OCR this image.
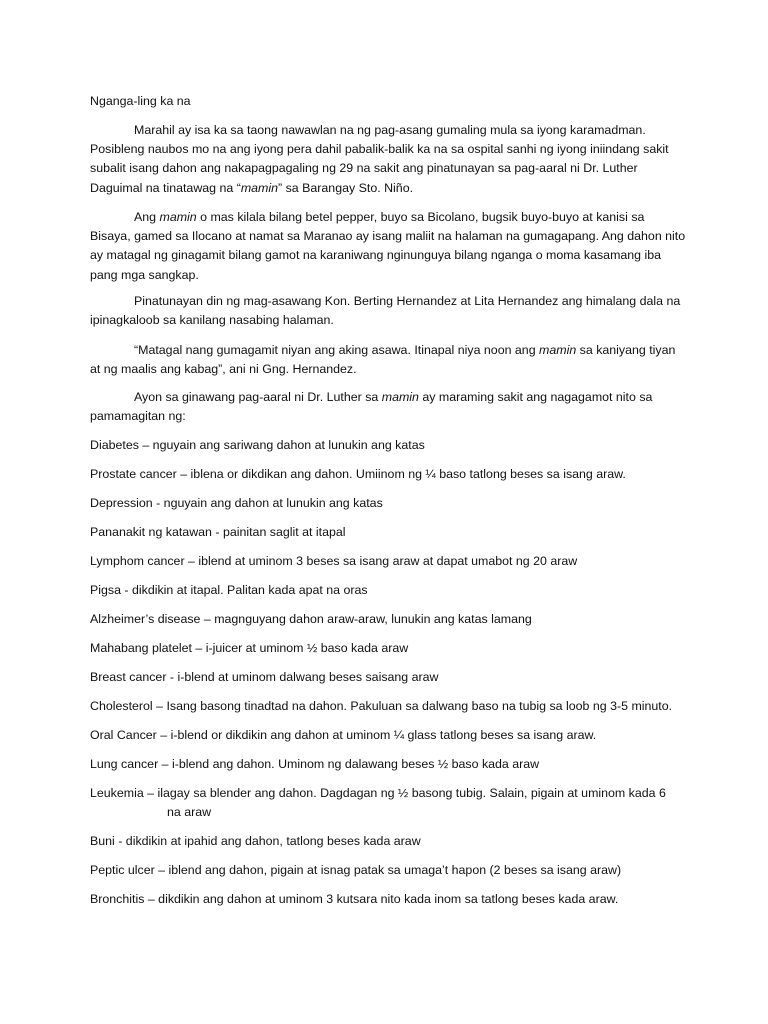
Nganga-ling ka na

Marahil ay isa ka sa taong nawawlan na ng pag-asang gumaling mula sa iyong karamadman. Posibleng naubos mo na ang iyong pera dahil pabalik-balik ka na sa ospital sanhi ng iyong iniindang sakit subalit isang dahon ang nakapagpagaling ng 29 na sakit ang pinatunayan sa pag-aaral ni Dr. Luther Daguimal na tinatawag na “mamin” sa Barangay Sto. Niño.

Ang mamin o mas kilala bilang betel pepper, buyo sa Bicolano, bugsik buyo-buyo at kanisi sa Bisaya, gamed sa Ilocano at namat sa Maranao ay isang maliit na halaman na gumagapang. Ang dahon nito ay matagal ng ginagamit bilang gamot na karaniwang nginunguya bilang nganga o moma kasamang iba pang mga sangkap.

Pinatunayan din ng mag-asawang Kon. Berting Hernandez at Lita Hernandez ang himalang dala na ipinagkaloob sa kanilang nasabing halaman.

“Matagal nang gumagamit niyan ang aking asawa. Itinapal niya noon ang mamin sa kaniyang tiyan at ng maalis ang kabag”, ani ni Gng. Hernandez.

Ayon sa ginawang pag-aaral ni Dr. Luther sa mamin ay maraming sakit ang nagagamot nito sa pamamagitan ng:

Diabetes – nguyain ang sariwang dahon at lunukin ang katas

Prostate cancer – iblena or dikdikan ang dahon. Umiinom ng ¼ baso tatlong beses sa isang araw.

Depression - nguyain ang dahon at lunukin ang katas

Pananakit ng katawan - painitan saglit at itapal

Lymphom cancer – iblend at uminom 3 beses sa isang araw at dapat umabot ng 20 araw

Pigsa - dikdikin at itapal. Palitan kada apat na oras

Alzheimer’s disease – magnguyang dahon araw-araw, lunukin ang katas lamang

Mahabang platelet – i-juicer at uminom ½ baso kada araw

Breast cancer - i-blend at uminom dalwang beses saisang araw

Cholesterol – Isang basong tinadtad na dahon. Pakuluan sa dalwang baso na tubig sa loob ng 3-5 minuto.

Oral Cancer – i-blend or dikdikin ang dahon at uminom ¼ glass tatlong beses sa isang araw.

Lung cancer – i-blend ang dahon. Uminom ng dalawang beses ½ baso kada araw

Leukemia – ilagay sa blender ang dahon. Dagdagan ng ½ basong tubig. Salain, pigain at uminom kada 6
na araw

Buni - dikdikin at ipahid ang dahon, tatlong beses kada araw

Peptic ulcer – iblend ang dahon, pigain at isnag patak sa umaga’t hapon (2 beses sa isang araw)

Bronchitis – dikdikin ang dahon at uminom 3 kutsara nito kada inom sa tatlong beses kada araw.
